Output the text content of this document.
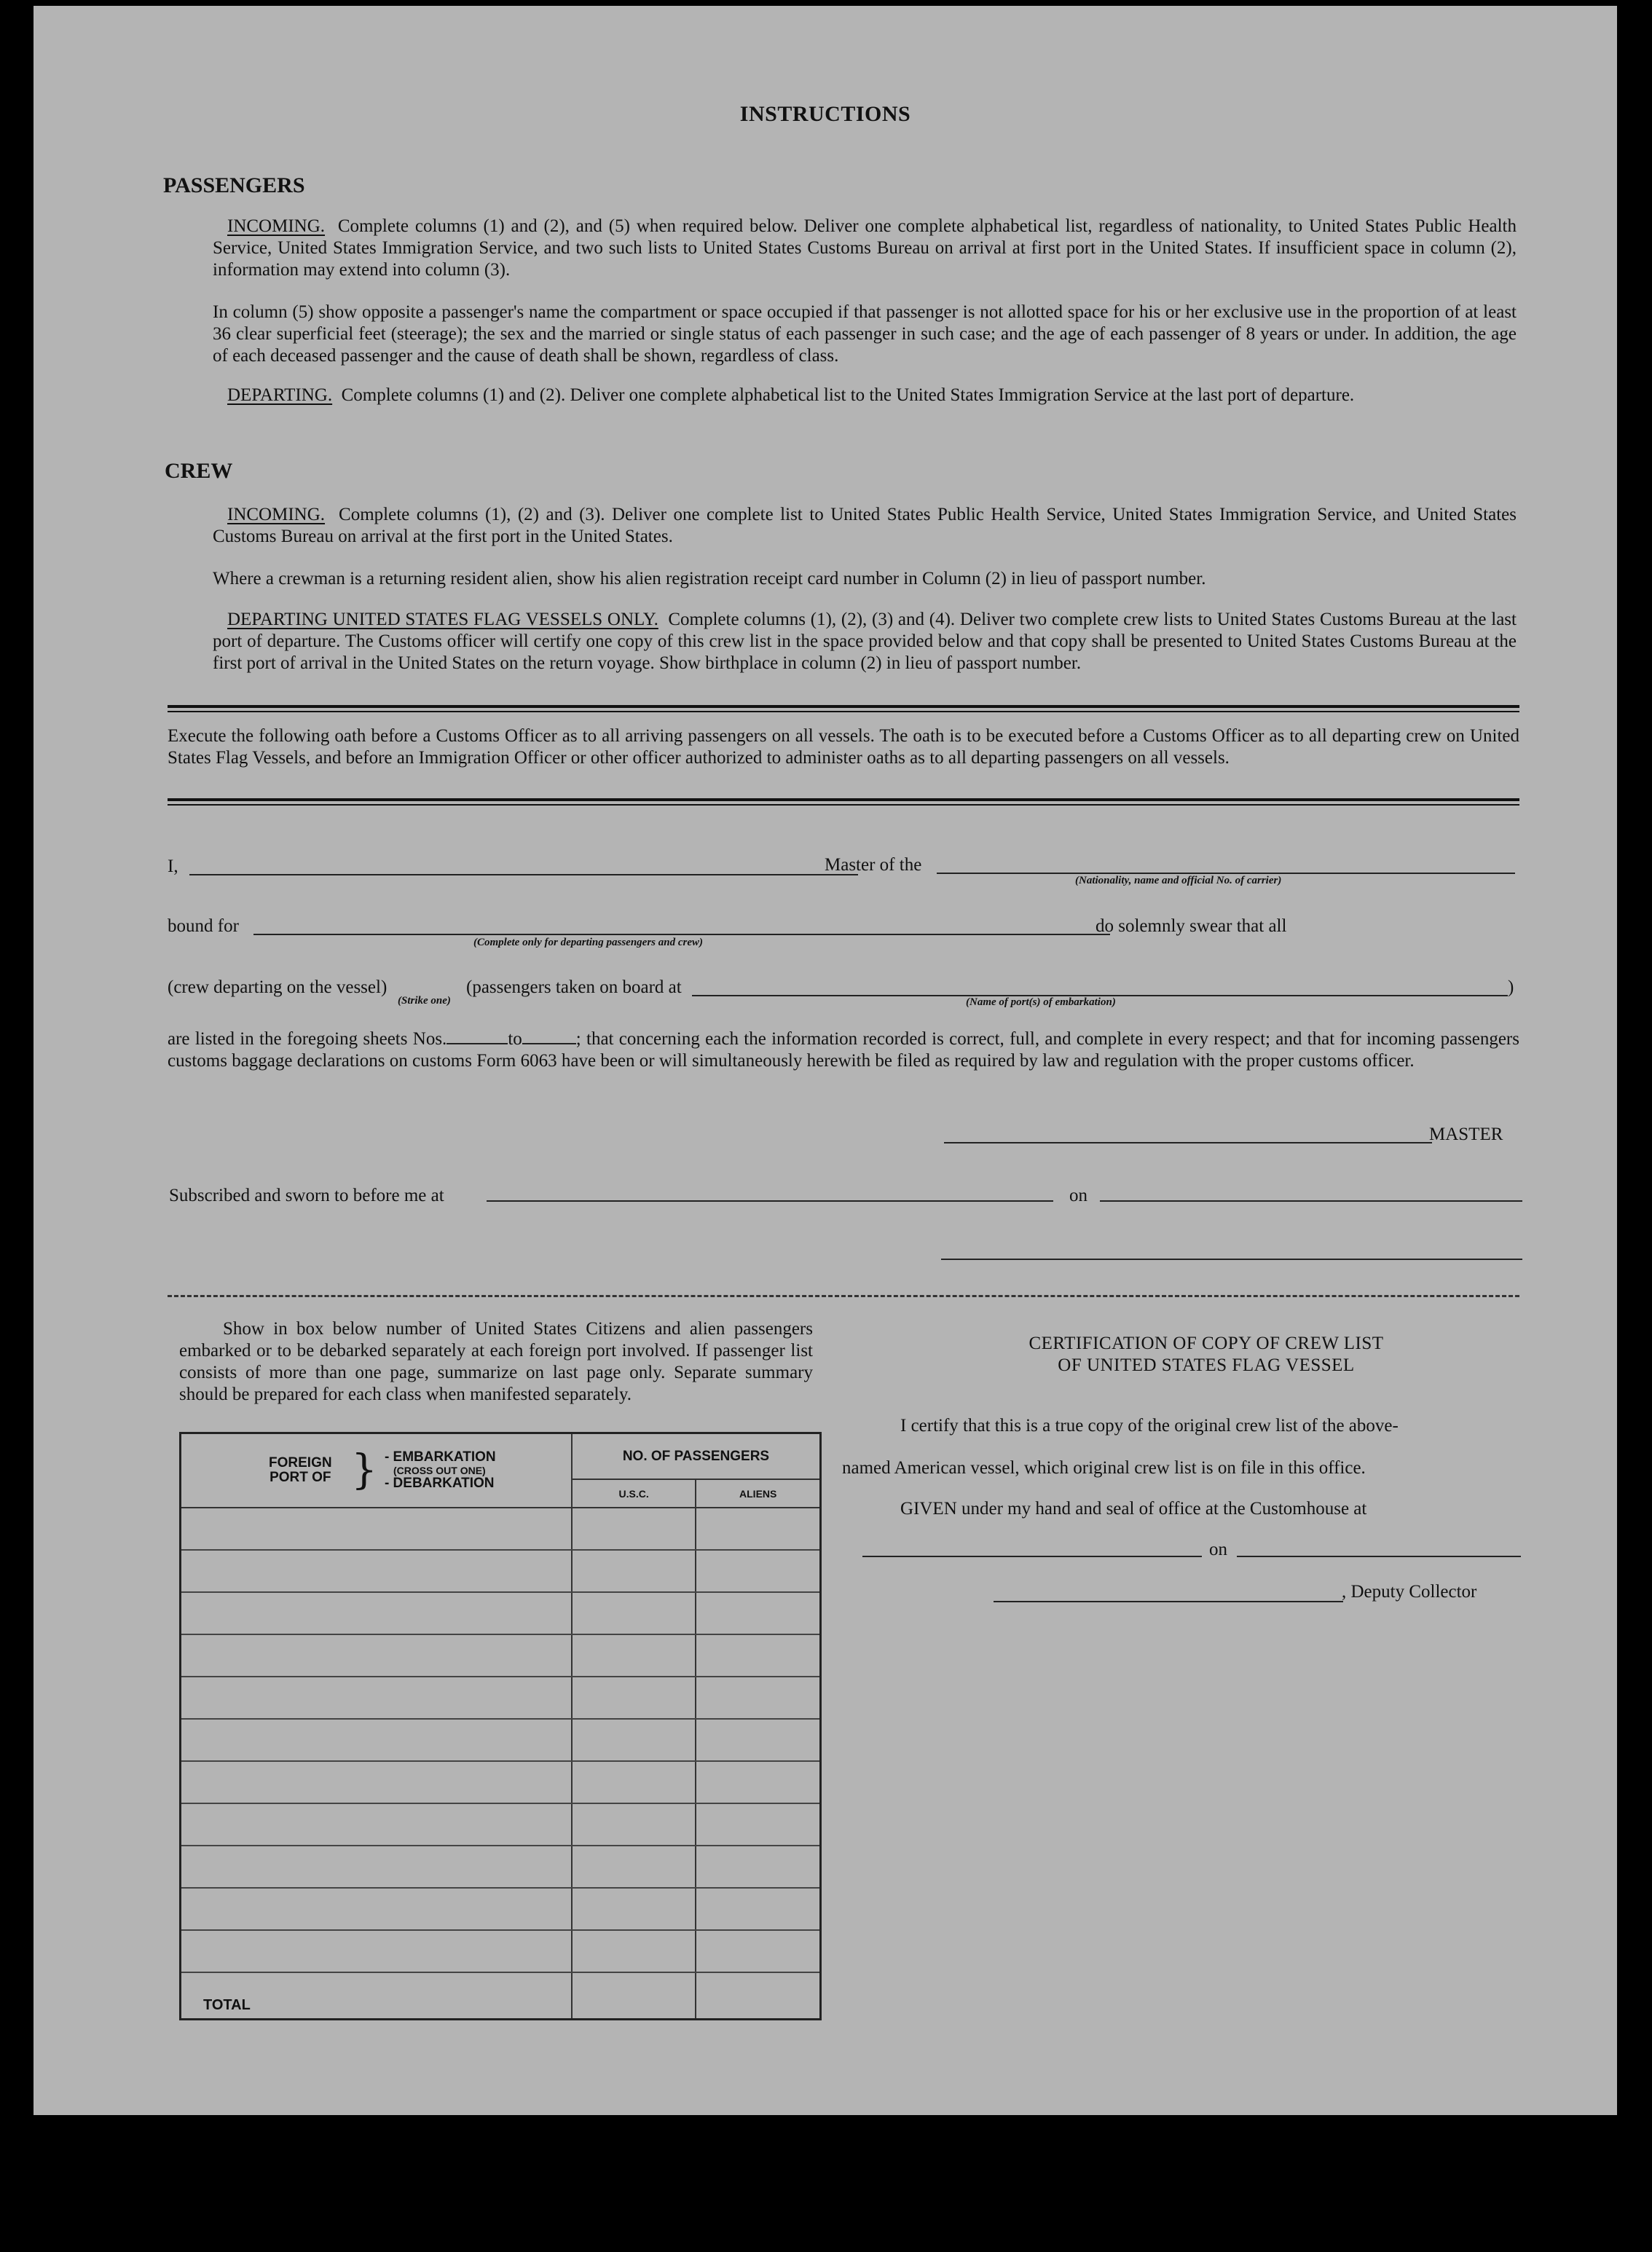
INSTRUCTIONS
PASSENGERS
INCOMING. Complete columns (1) and (2), and (5) when required below. Deliver one complete alphabetical list, regardless of nationality, to United States Public Health Service, United States Immigration Service, and two such lists to United States Customs Bureau on arrival at first port in the United States. If insufficient space in column (2), information may extend into column (3).
In column (5) show opposite a passenger's name the compartment or space occupied if that passenger is not allotted space for his or her exclusive use in the proportion of at least 36 clear superficial feet (steerage); the sex and the married or single status of each passenger in such case; and the age of each passenger of 8 years or under. In addition, the age of each deceased passenger and the cause of death shall be shown, regardless of class.
DEPARTING. Complete columns (1) and (2). Deliver one complete alphabetical list to the United States Immigration Service at the last port of departure.
CREW
INCOMING. Complete columns (1), (2) and (3). Deliver one complete list to United States Public Health Service, United States Immigration Service, and United States Customs Bureau on arrival at the first port in the United States.
Where a crewman is a returning resident alien, show his alien registration receipt card number in Column (2) in lieu of passport number.
DEPARTING UNITED STATES FLAG VESSELS ONLY. Complete columns (1), (2), (3) and (4). Deliver two complete crew lists to United States Customs Bureau at the last port of departure. The Customs officer will certify one copy of this crew list in the space provided below and that copy shall be presented to United States Customs Bureau at the first port of arrival in the United States on the return voyage. Show birthplace in column (2) in lieu of passport number.
Execute the following oath before a Customs Officer as to all arriving passengers on all vessels. The oath is to be executed before a Customs Officer as to all departing crew on United States Flag Vessels, and before an Immigration Officer or other officer authorized to administer oaths as to all departing passengers on all vessels.
I,	Master of the
(Nationality, name and official No. of carrier)
bound for	do solemnly swear that all
(Complete only for departing passengers and crew)
(crew departing on the vessel)
(Strike one)
(passengers taken on board at	)
(Name of port(s) of embarkation)
are listed in the foregoing sheets Nos.	to	; that concerning each the information recorded is correct, full, and complete in every respect; and that for incoming passengers customs baggage declarations on customs Form 6063 have been or will simultaneously herewith be filed as required by law and regulation with the proper customs officer.
MASTER
Subscribed and sworn to before me at	on
Show in box below number of United States Citizens and alien passengers embarked or to be debarked separately at each foreign port involved. If passenger list consists of more than one page, summarize on last page only. Separate summary should be prepared for each class when manifested separately.
FOREIGN PORT OF } - EMBARKATION
(CROSS OUT ONE)
- DEBARKATION	NO. OF PASSENGERS	
	U.S.C.	ALIENS

TOTAL		
CERTIFICATION OF COPY OF CREW LIST
OF UNITED STATES FLAG VESSEL
I certify that this is a true copy of the original crew list of the above-
named American vessel, which original crew list is on file in this office.
GIVEN under my hand and seal of office at the Customhouse at
on
, Deputy Collector
